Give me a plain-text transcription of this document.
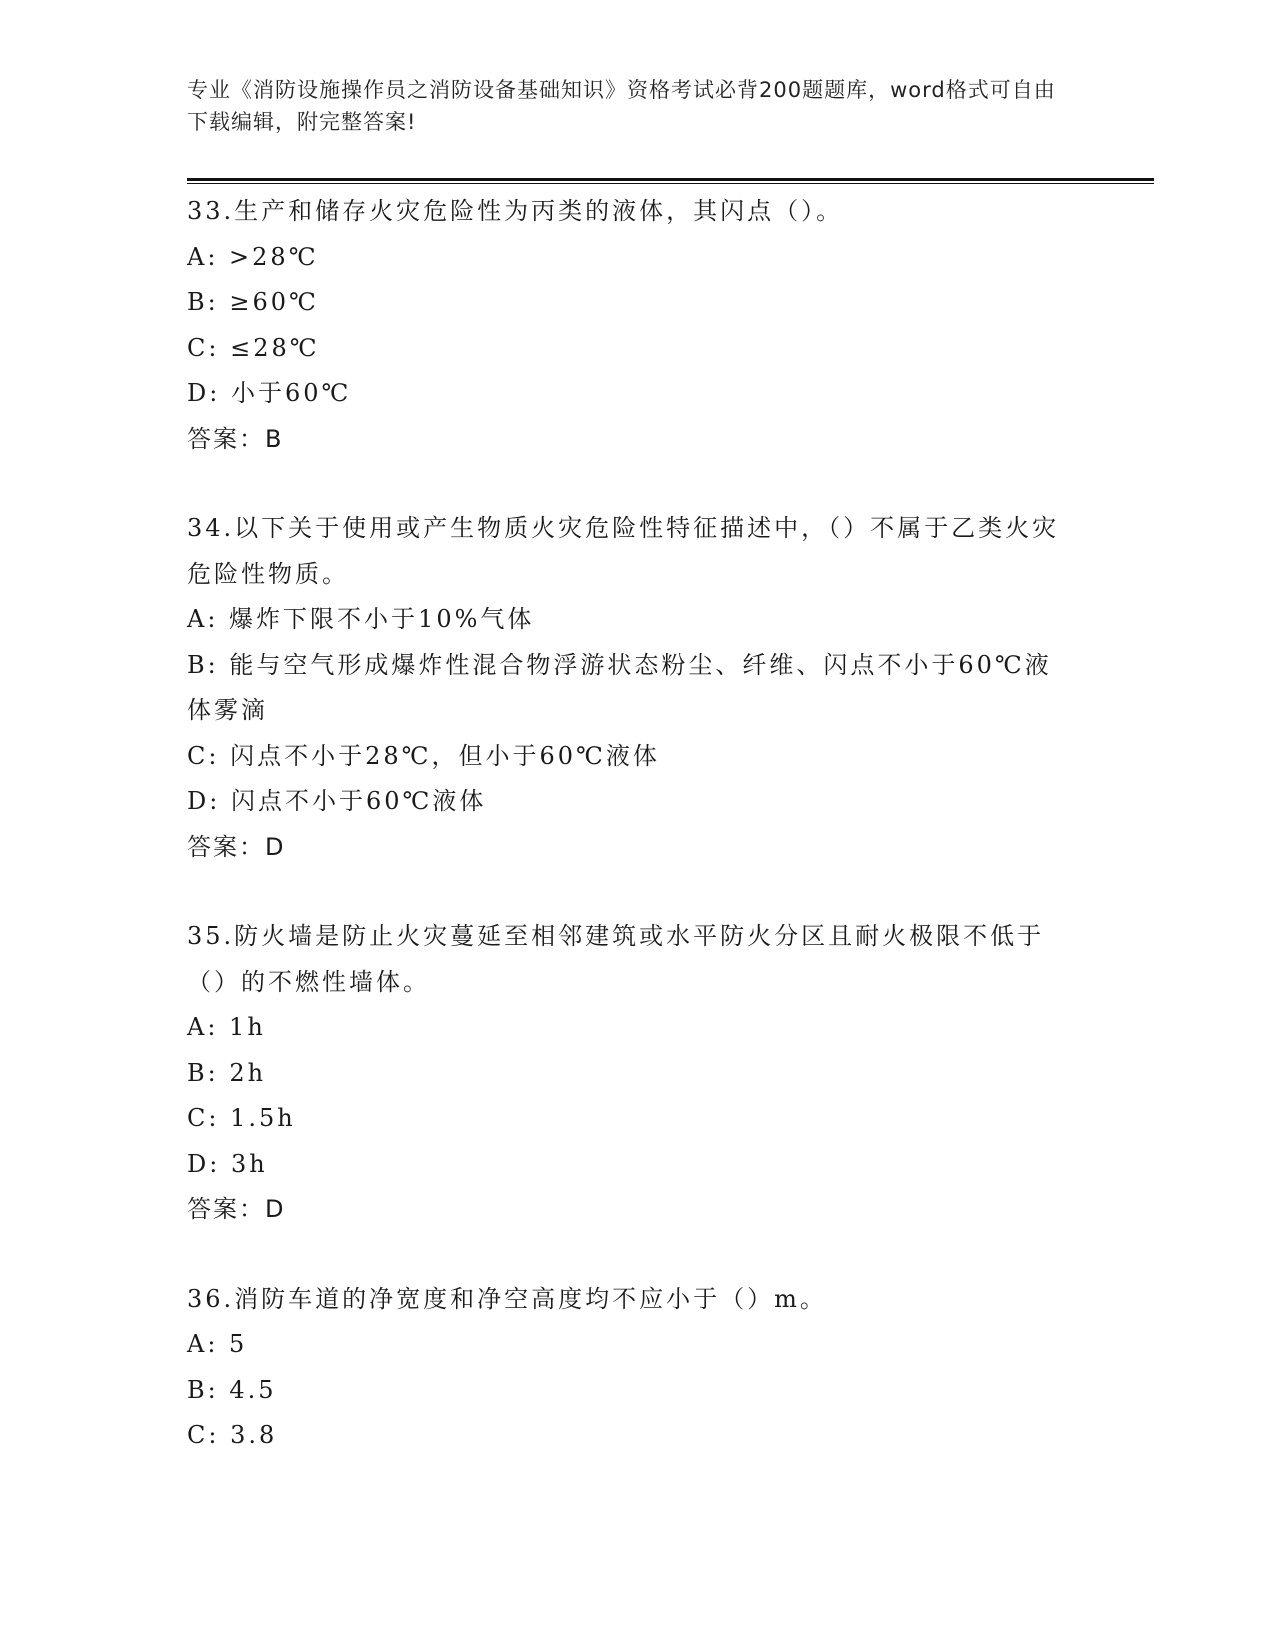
专业《消防设施操作员之消防设备基础知识》资格考试必背200题题库，word格式可自由下载编辑，附完整答案!
33.生产和储存火灾危险性为丙类的液体，其闪点（）。
A: >28℃
B: ≥60℃
C: ≤28℃
D: 小于60℃
答案：B
34.以下关于使用或产生物质火灾危险性特征描述中，（）不属于乙类火灾危险性物质。
A: 爆炸下限不小于10%气体
B: 能与空气形成爆炸性混合物浮游状态粉尘、纤维、闪点不小于60℃液体雾滴
C: 闪点不小于28℃，但小于60℃液体
D: 闪点不小于60℃液体
答案：D
35.防火墙是防止火灾蔓延至相邻建筑或水平防火分区且耐火极限不低于（）的不燃性墙体。
A: 1h
B: 2h
C: 1.5h
D: 3h
答案：D
36.消防车道的净宽度和净空高度均不应小于（）m。
A: 5
B: 4.5
C: 3.8
